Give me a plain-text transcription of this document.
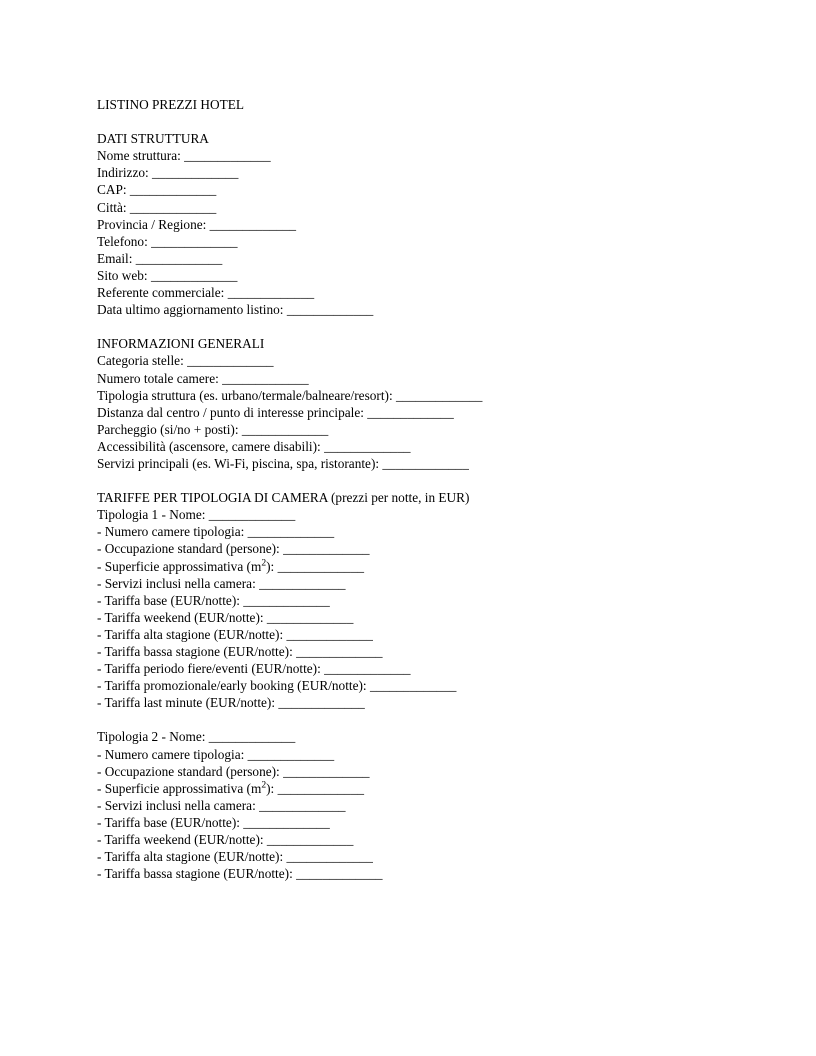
LISTINO PREZZI HOTEL
DATI STRUTTURA
Nome struttura: _____________
Indirizzo: _____________
CAP: _____________
Città: _____________
Provincia / Regione: _____________
Telefono: _____________
Email: _____________
Sito web: _____________
Referente commerciale: _____________
Data ultimo aggiornamento listino: _____________
INFORMAZIONI GENERALI
Categoria stelle: _____________
Numero totale camere: _____________
Tipologia struttura (es. urbano/termale/balneare/resort): _____________
Distanza dal centro / punto di interesse principale: _____________
Parcheggio (si/no + posti): _____________
Accessibilità (ascensore, camere disabili): _____________
Servizi principali (es. Wi-Fi, piscina, spa, ristorante): _____________
TARIFFE PER TIPOLOGIA DI CAMERA (prezzi per notte, in EUR)
Tipologia 1 - Nome: _____________
- Numero camere tipologia: _____________
- Occupazione standard (persone): _____________
- Superficie approssimativa $(m^2)$: _____________
- Servizi inclusi nella camera: _____________
- Tariffa base (EUR/notte): _____________
- Tariffa weekend (EUR/notte): _____________
- Tariffa alta stagione (EUR/notte): _____________
- Tariffa bassa stagione (EUR/notte): _____________
- Tariffa periodo fiere/eventi (EUR/notte): _____________
- Tariffa promozionale/early booking (EUR/notte): _____________
- Tariffa last minute (EUR/notte): _____________
Tipologia 2 - Nome: _____________
- Numero camere tipologia: _____________
- Occupazione standard (persone): _____________
- Superficie approssimativa $(m^2)$: _____________
- Servizi inclusi nella camera: _____________
- Tariffa base (EUR/notte): _____________
- Tariffa weekend (EUR/notte): _____________
- Tariffa alta stagione (EUR/notte): _____________
- Tariffa bassa stagione (EUR/notte): _____________
